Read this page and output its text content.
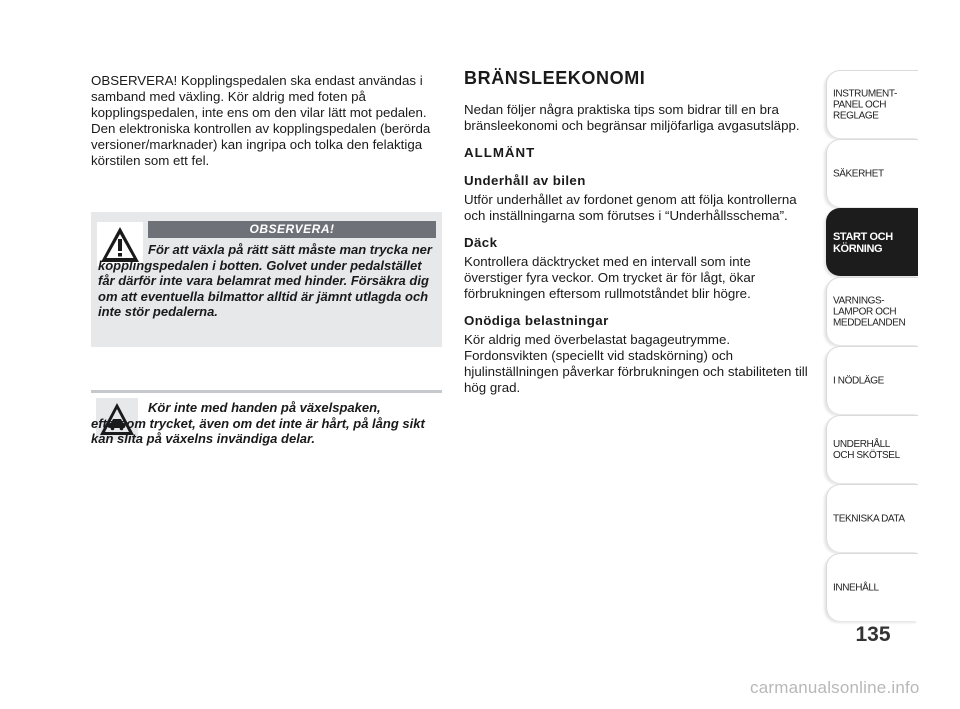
OBSERVERA! Kopplingspedalen ska endast användas i samband med växling. Kör aldrig med foten på kopplingspedalen, inte ens om den vilar lätt mot pedalen. Den elektroniska kontrollen av kopplingspedalen (berörda versioner/marknader) kan ingripa och tolka den felaktiga körstilen som ett fel.

OBSERVERA!

För att växla på rätt sätt måste man trycka ner kopplingspedalen i botten. Golvet under pedalstället får därför inte vara belamrat med hinder. Försäkra dig om att eventuella bilmattor alltid är jämnt utlagda och inte stör pedalerna.

Kör inte med handen på växelspaken, eftersom trycket, även om det inte är hårt, på lång sikt kan slita på växelns invändiga delar.

BRÄNSLEEKONOMI

Nedan följer några praktiska tips som bidrar till en bra bränsleekonomi och begränsar miljöfarliga avgasutsläpp.

ALLMÄNT
Underhåll av bilen

Utför underhållet av fordonet genom att följa kontrollerna och inställningarna som förutses i “Underhållsschema”.

Däck

Kontrollera däcktrycket med en intervall som inte överstiger fyra veckor. Om trycket är för lågt, ökar förbrukningen eftersom rullmotståndet blir högre.

Onödiga belastningar

Kör aldrig med överbelastat bagageutrymme. Fordonsvikten (speciellt vid stadskörning) och hjulinställningen påverkar förbrukningen och stabiliteten till hög grad.

INSTRUMENT-
PANEL OCH
REGLAGE
SÄKERHET
START OCH
KÖRNING
VARNINGS-
LAMPOR OCH
MEDDELANDEN
I NÖDLÄGE
UNDERHÅLL
OCH SKÖTSEL
TEKNISKA DATA
INNEHÅLL
135
carmanualsonline.info
